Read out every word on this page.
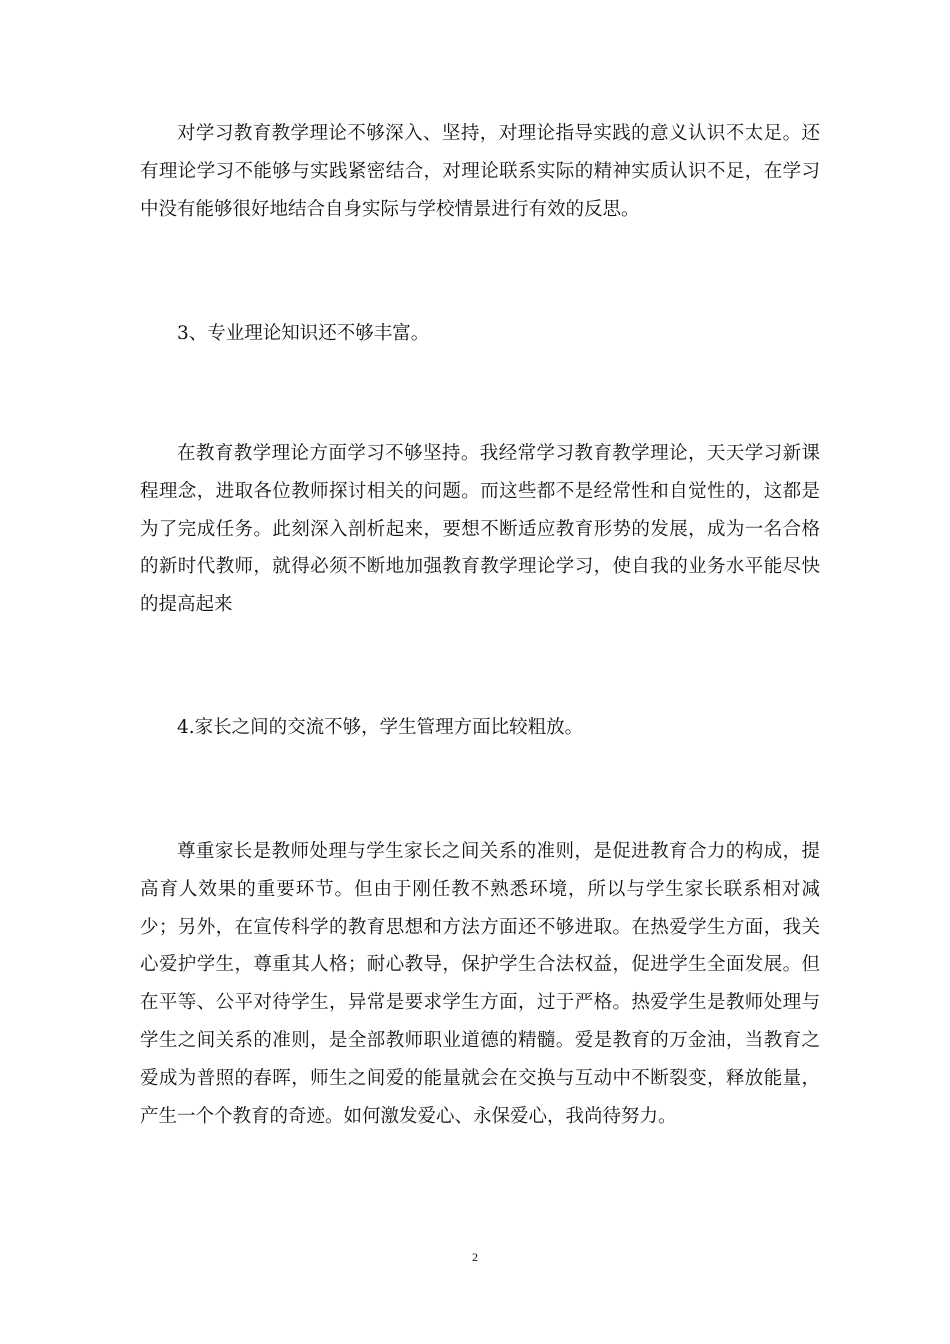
对学习教育教学理论不够深入、坚持，对理论指导实践的意义认识不太足。还有理论学习不能够与实践紧密结合，对理论联系实际的精神实质认识不足，在学习中没有能够很好地结合自身实际与学校情景进行有效的反思。

3、专业理论知识还不够丰富。

在教育教学理论方面学习不够坚持。我经常学习教育教学理论，天天学习新课程理念，进取各位教师探讨相关的问题。而这些都不是经常性和自觉性的，这都是为了完成任务。此刻深入剖析起来，要想不断适应教育形势的发展，成为一名合格的新时代教师，就得必须不断地加强教育教学理论学习，使自我的业务水平能尽快的提高起来

4.家长之间的交流不够，学生管理方面比较粗放。

尊重家长是教师处理与学生家长之间关系的准则，是促进教育合力的构成，提高育人效果的重要环节。但由于刚任教不熟悉环境，所以与学生家长联系相对减少；另外，在宣传科学的教育思想和方法方面还不够进取。在热爱学生方面，我关心爱护学生，尊重其人格；耐心教导，保护学生合法权益，促进学生全面发展。但在平等、公平对待学生，异常是要求学生方面，过于严格。热爱学生是教师处理与学生之间关系的准则，是全部教师职业道德的精髓。爱是教育的万金油，当教育之爱成为普照的春晖，师生之间爱的能量就会在交换与互动中不断裂变，释放能量，产生一个个教育的奇迹。如何激发爱心、永保爱心，我尚待努力。

2
